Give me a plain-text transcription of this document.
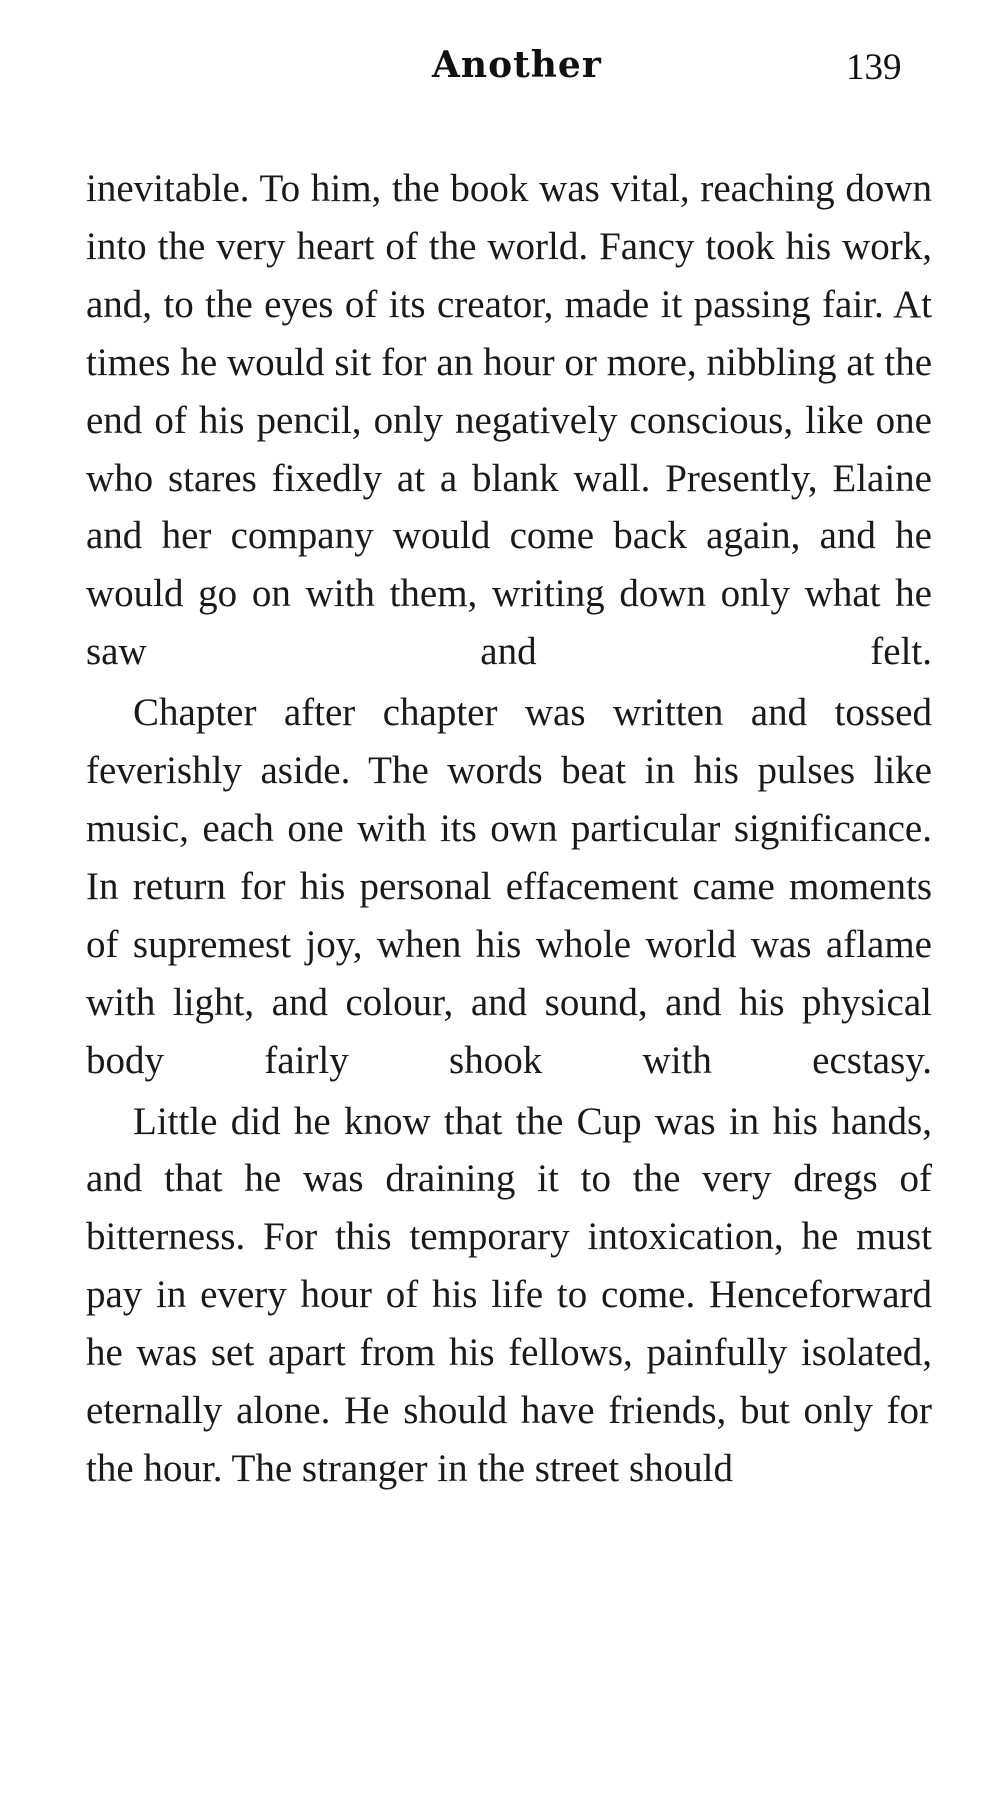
Another	139

inevitable. To him, the book was vital, reaching down into the very heart of the world. Fancy took his work, and, to the eyes of its creator, made it passing fair. At times he would sit for an hour or more, nibbling at the end of his pencil, only negatively conscious, like one who stares fixedly at a blank wall. Presently, Elaine and her company would come back again, and he would go on with them, writing down only what he saw and felt.

Chapter after chapter was written and tossed feverishly aside. The words beat in his pulses like music, each one with its own particular significance. In return for his personal effacement came moments of supremest joy, when his whole world was aflame with light, and colour, and sound, and his physical body fairly shook with ecstasy.

Little did he know that the Cup was in his hands, and that he was draining it to the very dregs of bitterness. For this temporary intoxication, he must pay in every hour of his life to come. Henceforward he was set apart from his fellows, painfully isolated, eternally alone. He should have friends, but only for the hour. The stranger in the street should
